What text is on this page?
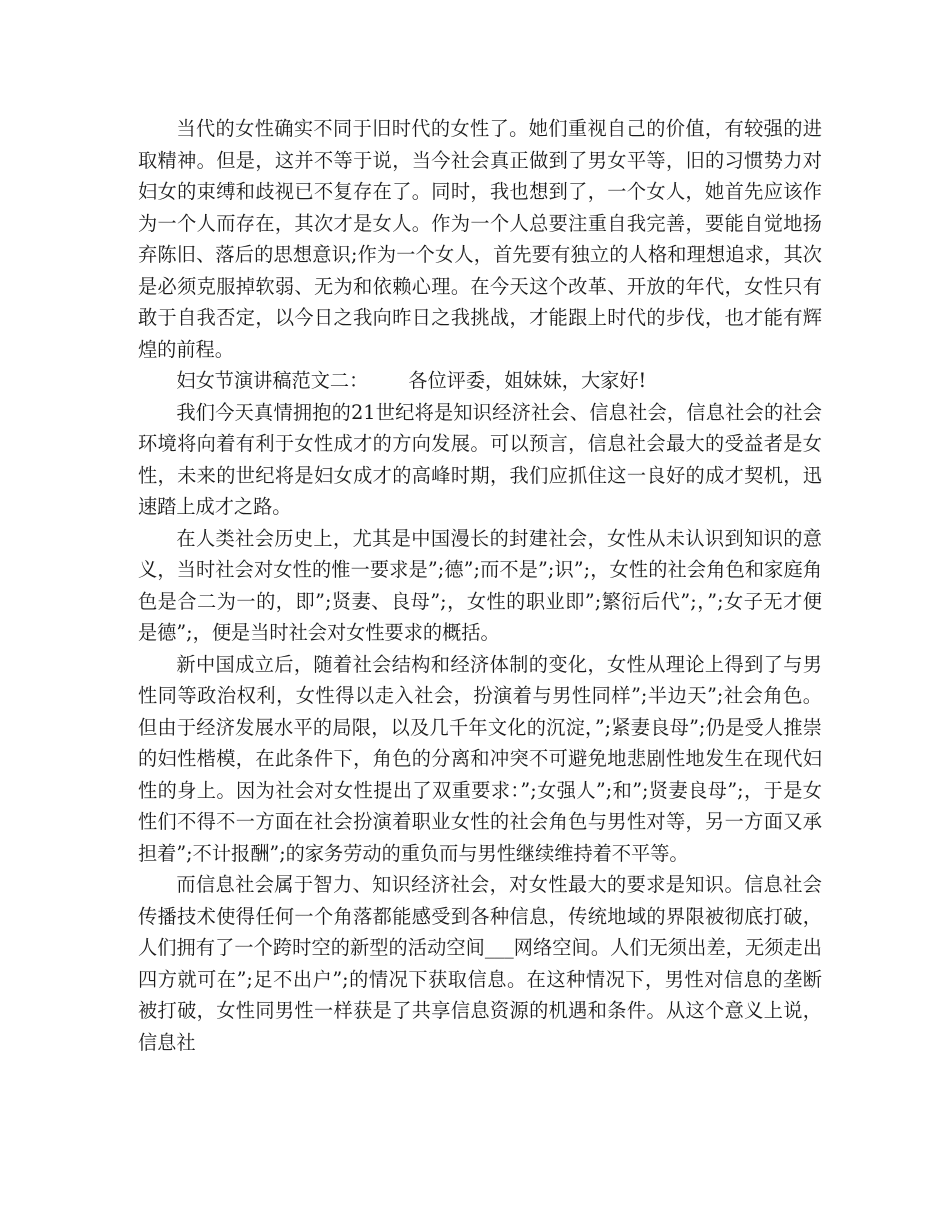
当代的女性确实不同于旧时代的女性了。她们重视自己的价值，有较强的进取精神。但是，这并不等于说，当今社会真正做到了男女平等，旧的习惯势力对妇女的束缚和歧视已不复存在了。同时，我也想到了，一个女人，她首先应该作为一个人而存在，其次才是女人。作为一个人总要注重自我完善，要能自觉地扬弃陈旧、落后的思想意识;作为一个女人，首先要有独立的人格和理想追求，其次是必须克服掉软弱、无为和依赖心理。在今天这个改革、开放的年代，女性只有敢于自我否定，以今日之我向昨日之我挑战，才能跟上时代的步伐，也才能有辉煌的前程。

妇女节演讲稿范文二： 各位评委，姐妹妹，大家好!

我们今天真情拥抱的21世纪将是知识经济社会、信息社会，信息社会的社会环境将向着有利于女性成才的方向发展。可以预言，信息社会最大的受益者是女性，未来的世纪将是妇女成才的高峰时期，我们应抓住这一良好的成才契机，迅速踏上成才之路。

在人类社会历史上，尤其是中国漫长的封建社会，女性从未认识到知识的意义，当时社会对女性的惟一要求是”;德”;而不是”;识”;，女性的社会角色和家庭角色是合二为一的，即”;贤妻、良母”;，女性的职业即”;繁衍后代”;，”;女子无才便是德”;，便是当时社会对女性要求的概括。

新中国成立后，随着社会结构和经济体制的变化，女性从理论上得到了与男性同等政治权利，女性得以走入社会，扮演着与男性同样”;半边天”;社会角色。但由于经济发展水平的局限，以及几千年文化的沉淀，”;紧妻良母”;仍是受人推崇的妇性楷模，在此条件下，角色的分离和冲突不可避免地悲剧性地发生在现代妇性的身上。因为社会对女性提出了双重要求：”;女强人”;和”;贤妻良母”;，于是女性们不得不一方面在社会扮演着职业女性的社会角色与男性对等，另一方面又承担着”;不计报酬”;的家务劳动的重负而与男性继续维持着不平等。

而信息社会属于智力、知识经济社会，对女性最大的要求是知识。信息社会传播技术使得任何一个角落都能感受到各种信息，传统地域的界限被彻底打破，人们拥有了一个跨时空的新型的活动空间___网络空间。人们无须出差，无须走出四方就可在”;足不出户”;的情况下获取信息。在这种情况下，男性对信息的垄断被打破，女性同男性一样获是了共享信息资源的机遇和条件。从这个意义上说，信息社
